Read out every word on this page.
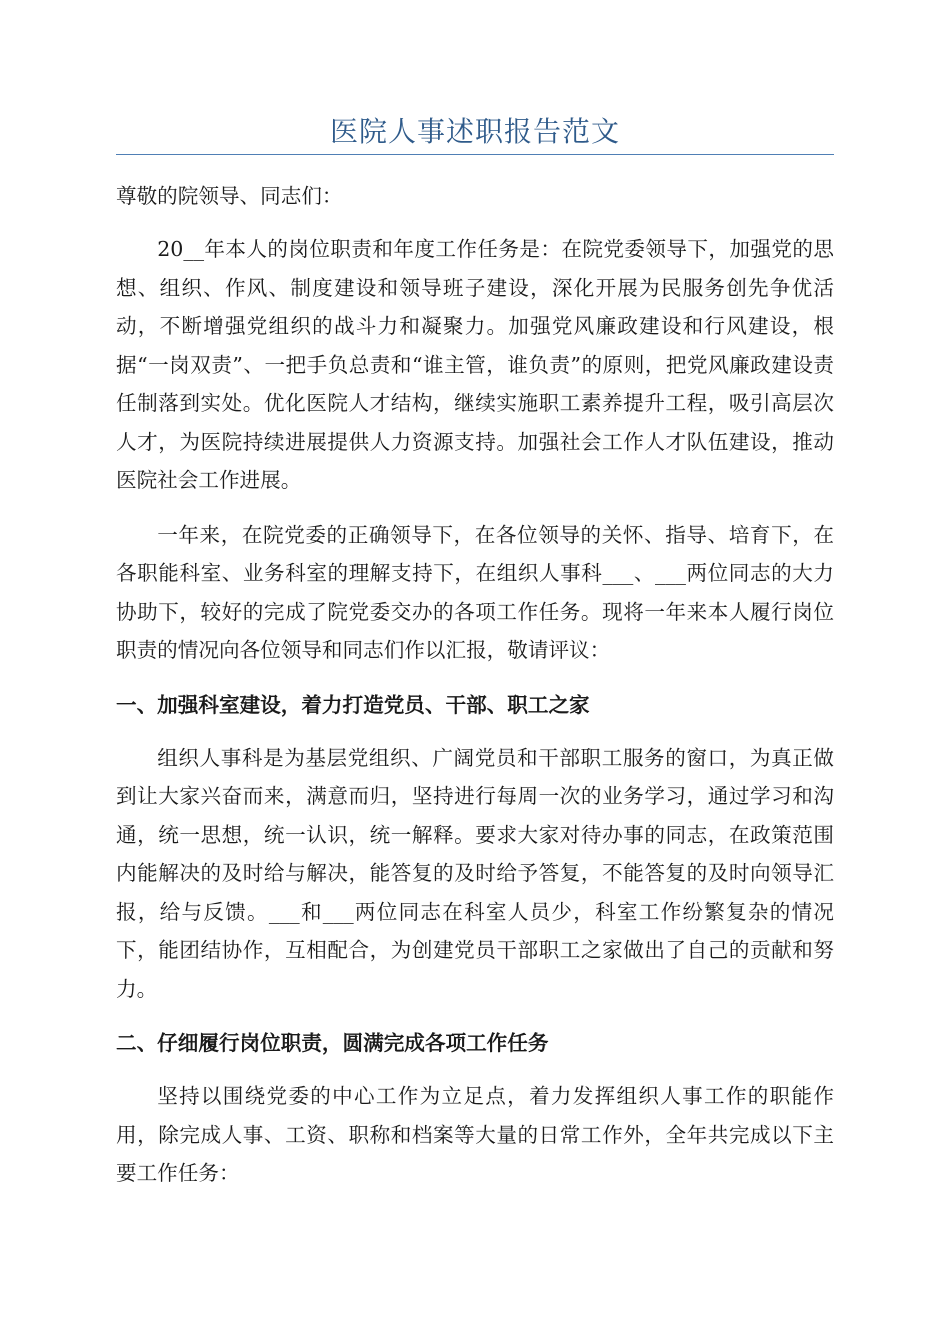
医院人事述职报告范文

尊敬的院领导、同志们：

20__年本人的岗位职责和年度工作任务是：在院党委领导下，加强党的思想、组织、作风、制度建设和领导班子建设，深化开展为民服务创先争优活动，不断增强党组织的战斗力和凝聚力。加强党风廉政建设和行风建设，根据“一岗双责”、一把手负总责和“谁主管，谁负责”的原则，把党风廉政建设责任制落到实处。优化医院人才结构，继续实施职工素养提升工程，吸引高层次人才，为医院持续进展提供人力资源支持。加强社会工作人才队伍建设，推动医院社会工作进展。

一年来，在院党委的正确领导下，在各位领导的关怀、指导、培育下，在各职能科室、业务科室的理解支持下，在组织人事科___、___两位同志的大力协助下，较好的完成了院党委交办的各项工作任务。现将一年来本人履行岗位职责的情况向各位领导和同志们作以汇报，敬请评议：

一、加强科室建设，着力打造党员、干部、职工之家

组织人事科是为基层党组织、广阔党员和干部职工服务的窗口，为真正做到让大家兴奋而来，满意而归，坚持进行每周一次的业务学习，通过学习和沟通，统一思想，统一认识，统一解释。要求大家对待办事的同志，在政策范围内能解决的及时给与解决，能答复的及时给予答复，不能答复的及时向领导汇报，给与反馈。___和___两位同志在科室人员少，科室工作纷繁复杂的情况下，能团结协作，互相配合，为创建党员干部职工之家做出了自己的贡献和努力。

二、仔细履行岗位职责，圆满完成各项工作任务

坚持以围绕党委的中心工作为立足点，着力发挥组织人事工作的职能作用，除完成人事、工资、职称和档案等大量的日常工作外，全年共完成以下主要工作任务：
